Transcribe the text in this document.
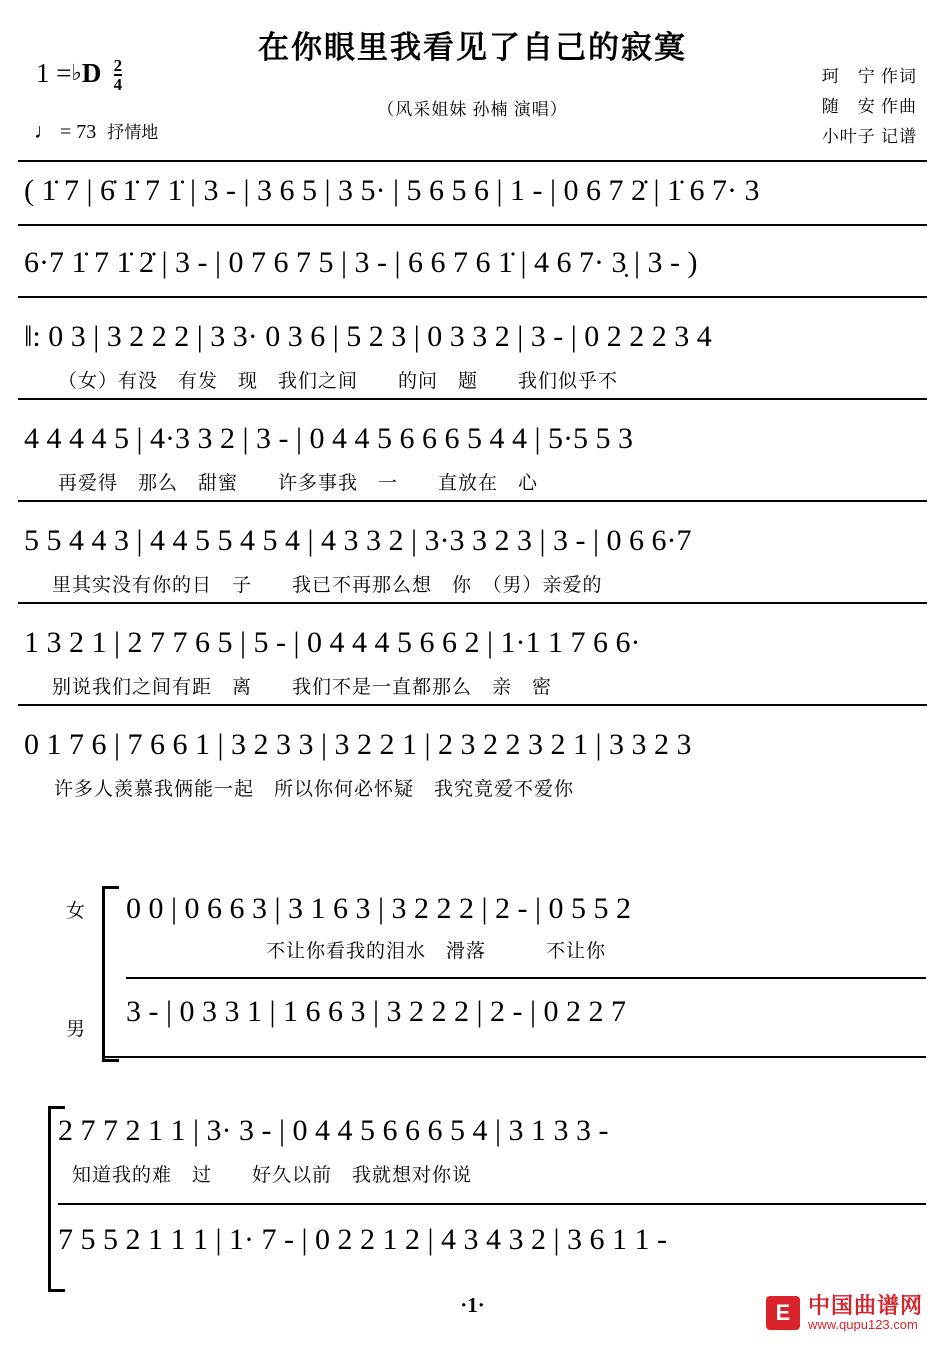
在你眼里我看见了自己的寂寞
（风采姐妹 孙楠 演唱）
1 =♭D $\frac{2}{4}$
♩ = 73 抒情地
珂　宁 作词
随　安 作曲
小叶子 记谱
( 1̇ 7 | 6̇ 1̇ 7 1̇ | 3 - | 3 6 5 | 3 5· | 5 6 5 6 | 1 - | 0 6 7 2̇ | 1̇ 6 7· 3
6·7 1̇ 7 1̇ 2̇ | 3 - | 0 7 6 7 5 | 3 - | 6 6 7 6 1̇ | 4 6 7· 3̣ | 3 - )
‖: 0 3 | 3 2 2 2 | 3 3· 0 3 6 | 5 2 3 | 0 3 3 2 | 3 - | 0 2 2 2 3 4
（女）有没　有发　现　我们之间　　的问　题　　我们似乎不
4 4 4 4 5 | 4·3 3 2 | 3 - | 0 4 4 5 6 6 6 5 4 4 | 5·5 5 3
再爱得　那么　甜蜜　　许多事我　一　　直放在　心
5 5 4 4 3 | 4 4 5 5 4 5 4 | 4 3 3 2 | 3·3 3 2 3 | 3 - | 0 6 6·7
里其实没有你的日　子　　我已不再那么想　你　（男）亲爱的
1 3 2 1 | 2 7 7 6 5 | 5 - | 0 4 4 4 5 6 6 2 | 1·1 1 7 6 6·
别说我们之间有距　离　　我们不是一直都那么　亲　密
0 1 7 6 | 7 6 6 1 | 3 2 3 3 | 3 2 2 1 | 2 3 2 2 3 2 1 | 3 3 2 3
许多人羡慕我俩能一起　所以你何必怀疑　我究竟爱不爱你
女
男
0 0 | 0 6 6 3 | 3 1 6 3 | 3 2 2 2 | 2 - | 0 5 5 2
不让你看我的泪水　滑落　　　不让你
3 - | 0 3 3 1 | 1 6 6 3 | 3 2 2 2 | 2 - | 0 2 2 7
2 7 7 2 1 1 | 3· 3 - | 0 4 4 5 6 6 6 5 4 | 3 1 3 3 -
知道我的难　过　　好久以前　我就想对你说
7 5 5 2 1 1 1 | 1· 7 - | 0 2 2 1 2 | 4 3 4 3 2 | 3 6 1 1 -
·1·	E 中国曲谱网
www.qupu123.com
